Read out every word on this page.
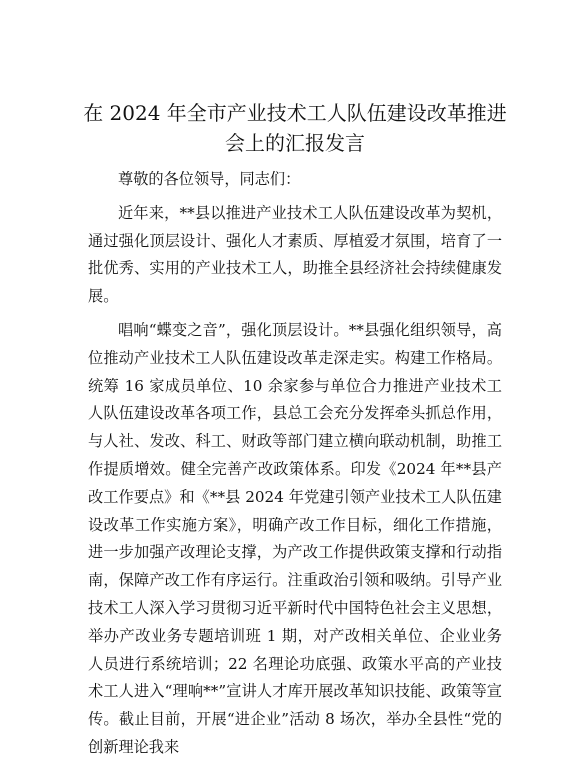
在 2024 年全市产业技术工人队伍建设改革推进
会上的汇报发言

尊敬的各位领导，同志们：

近年来，**县以推进产业技术工人队伍建设改革为契机，通过强化顶层设计、强化人才素质、厚植爱才氛围，培育了一批优秀、实用的产业技术工人，助推全县经济社会持续健康发展。

唱响“蝶变之音”，强化顶层设计。**县强化组织领导，高位推动产业技术工人队伍建设改革走深走实。构建工作格局。统筹 16 家成员单位、10 余家参与单位合力推进产业技术工人队伍建设改革各项工作，县总工会充分发挥牵头抓总作用，与人社、发改、科工、财政等部门建立横向联动机制，助推工作提质增效。健全完善产改政策体系。印发《2024 年**县产改工作要点》和《**县 2024 年党建引领产业技术工人队伍建设改革工作实施方案》，明确产改工作目标，细化工作措施，进一步加强产改理论支撑，为产改工作提供政策支撑和行动指南，保障产改工作有序运行。注重政治引领和吸纳。引导产业技术工人深入学习贯彻习近平新时代中国特色社会主义思想，举办产改业务专题培训班 1 期，对产改相关单位、企业业务人员进行系统培训；22 名理论功底强、政策水平高的产业技术工人进入“理响**”宣讲人才库开展改革知识技能、政策等宣传。截止目前，开展“进企业”活动 8 场次，举办全县性“党的创新理论我来
